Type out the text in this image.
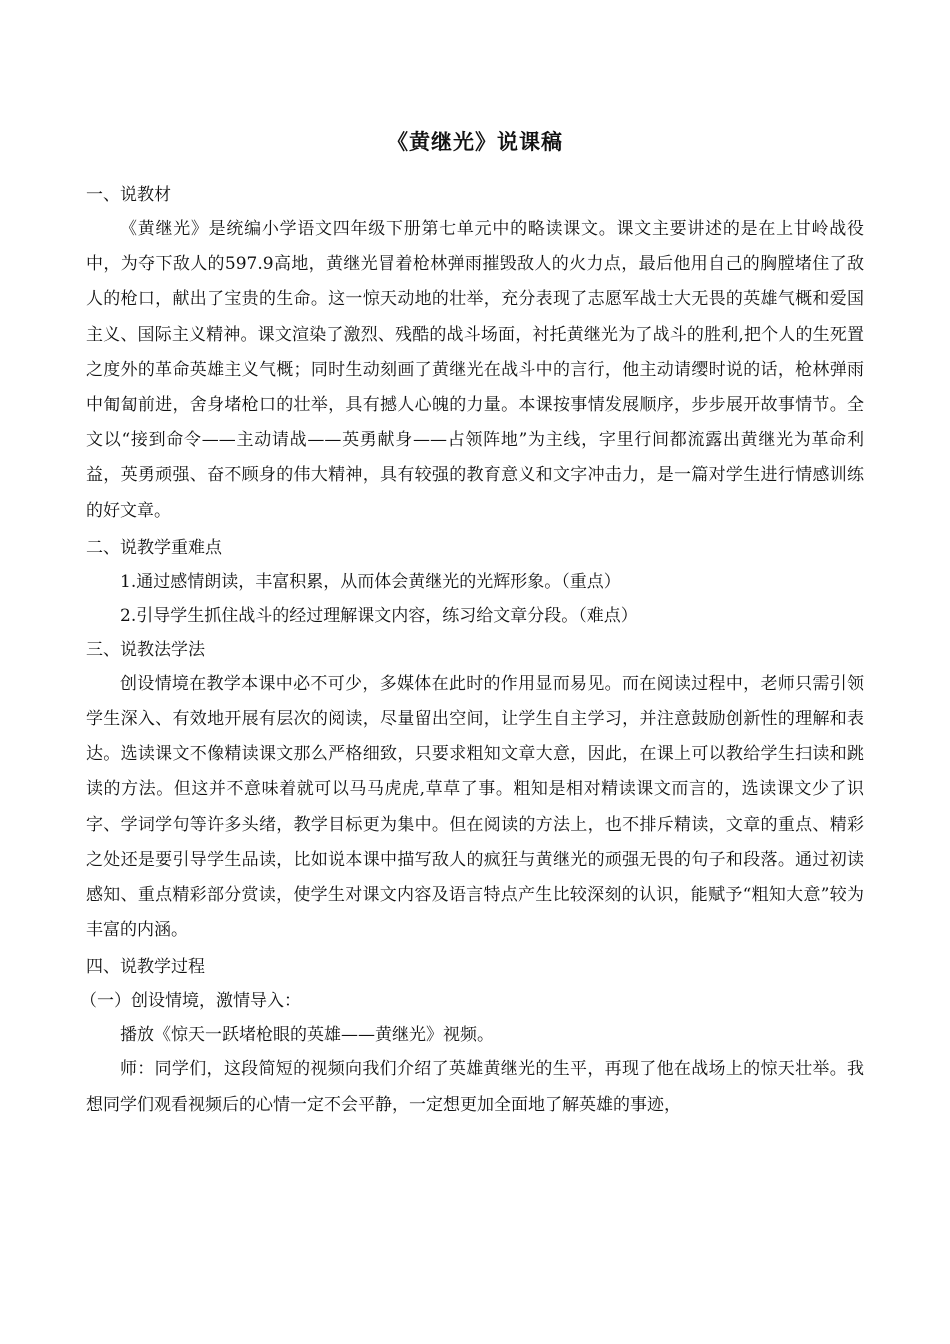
《黄继光》说课稿

一、说教材

《黄继光》是统编小学语文四年级下册第七单元中的略读课文。课文主要讲述的是在上甘岭战役中，为夺下敌人的597.9高地，黄继光冒着枪林弹雨摧毁敌人的火力点，最后他用自己的胸膛堵住了敌人的枪口，献出了宝贵的生命。这一惊天动地的壮举，充分表现了志愿军战士大无畏的英雄气概和爱国主义、国际主义精神。课文渲染了激烈、残酷的战斗场面，衬托黄继光为了战斗的胜利,把个人的生死置之度外的革命英雄主义气概；同时生动刻画了黄继光在战斗中的言行，他主动请缨时说的话，枪林弹雨中匍匐前进，舍身堵枪口的壮举，具有撼人心魄的力量。本课按事情发展顺序，步步展开故事情节。全文以“接到命令——主动请战——英勇献身——占领阵地”为主线，字里行间都流露出黄继光为革命利益，英勇顽强、奋不顾身的伟大精神，具有较强的教育意义和文字冲击力，是一篇对学生进行情感训练的好文章。

二、说教学重难点

1.通过感情朗读，丰富积累，从而体会黄继光的光辉形象。（重点）

2.引导学生抓住战斗的经过理解课文内容，练习给文章分段。（难点）

三、说教法学法

创设情境在教学本课中必不可少，多媒体在此时的作用显而易见。而在阅读过程中，老师只需引领学生深入、有效地开展有层次的阅读，尽量留出空间，让学生自主学习，并注意鼓励创新性的理解和表达。选读课文不像精读课文那么严格细致，只要求粗知文章大意，因此，在课上可以教给学生扫读和跳读的方法。但这并不意味着就可以马马虎虎,草草了事。粗知是相对精读课文而言的，选读课文少了识字、学词学句等许多头绪，教学目标更为集中。但在阅读的方法上，也不排斥精读，文章的重点、精彩之处还是要引导学生品读，比如说本课中描写敌人的疯狂与黄继光的顽强无畏的句子和段落。通过初读感知、重点精彩部分赏读，使学生对课文内容及语言特点产生比较深刻的认识，能赋予“粗知大意”较为丰富的内涵。

四、说教学过程

（一）创设情境，激情导入：

播放《惊天一跃堵枪眼的英雄——黄继光》视频。

师：同学们，这段简短的视频向我们介绍了英雄黄继光的生平，再现了他在战场上的惊天壮举。我想同学们观看视频后的心情一定不会平静，一定想更加全面地了解英雄的事迹，
